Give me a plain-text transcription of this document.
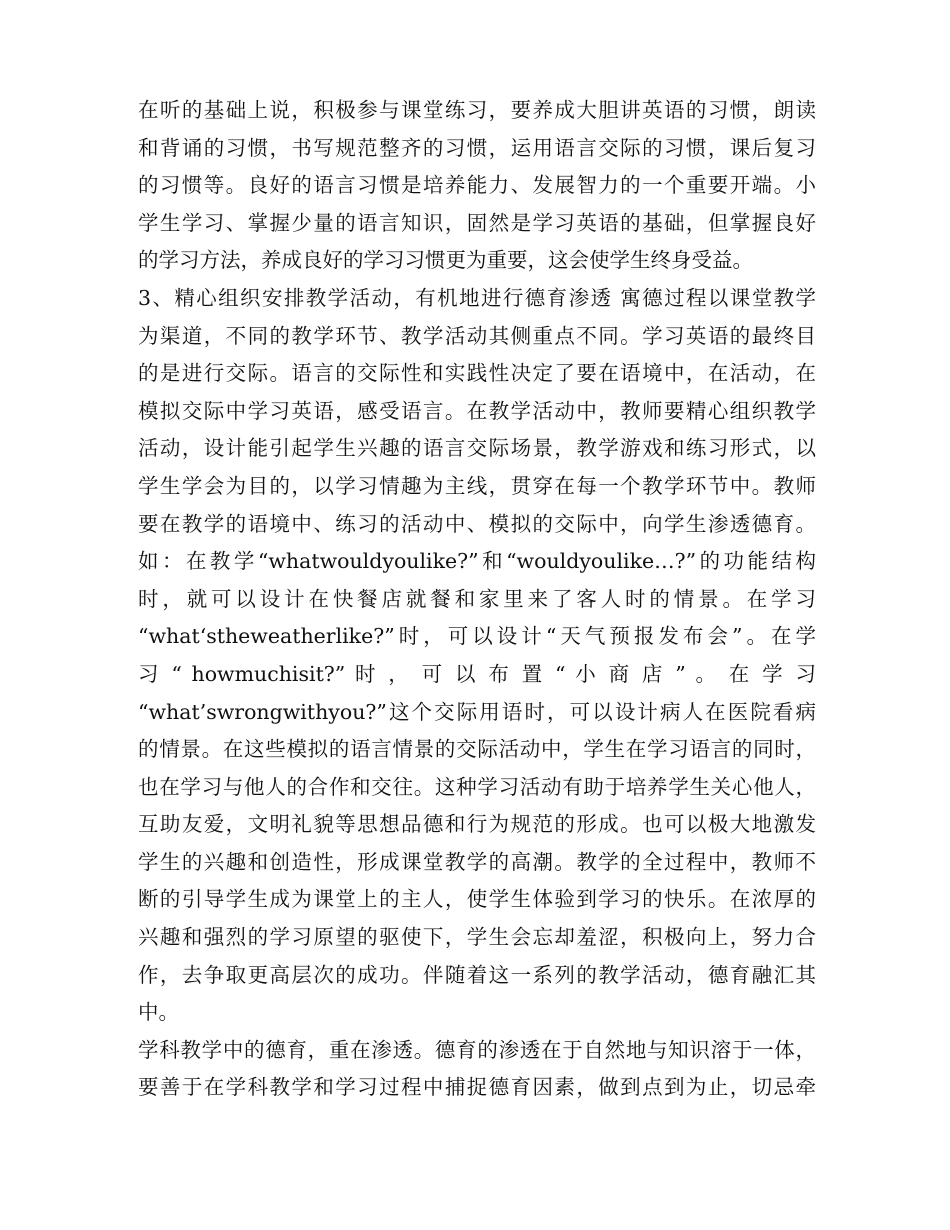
在听的基础上说，积极参与课堂练习，要养成大胆讲英语的习惯，朗读
和背诵的习惯，书写规范整齐的习惯，运用语言交际的习惯，课后复习
的习惯等。良好的语言习惯是培养能力、发展智力的一个重要开端。小
学生学习、掌握少量的语言知识，固然是学习英语的基础，但掌握良好
的学习方法，养成良好的学习习惯更为重要，这会使学生终身受益。
3、精心组织安排教学活动，有机地进行德育渗透 寓德过程以课堂教学
为渠道，不同的教学环节、教学活动其侧重点不同。学习英语的最终目
的是进行交际。语言的交际性和实践性决定了要在语境中，在活动，在
模拟交际中学习英语，感受语言。在教学活动中，教师要精心组织教学
活动，设计能引起学生兴趣的语言交际场景，教学游戏和练习形式，以
学生学会为目的，以学习情趣为主线，贯穿在每一个教学环节中。教师
要在教学的语境中、练习的活动中、模拟的交际中，向学生渗透德育。
如：在教学“whatwouldyoulike?”和“wouldyoulike…?”的功能结构
时，就可以设计在快餐店就餐和家里来了客人时的情景。在学习
“what‘stheweatherlike?”时，可以设计“天气预报发布会”。在学
习 “ howmuchisit?” 时 ， 可 以 布 置 “ 小 商 店 ” 。 在 学 习
“what’swrongwithyou?”这个交际用语时，可以设计病人在医院看病
的情景。在这些模拟的语言情景的交际活动中，学生在学习语言的同时，
也在学习与他人的合作和交往。这种学习活动有助于培养学生关心他人，
互助友爱，文明礼貌等思想品德和行为规范的形成。也可以极大地激发
学生的兴趣和创造性，形成课堂教学的高潮。教学的全过程中，教师不
断的引导学生成为课堂上的主人，使学生体验到学习的快乐。在浓厚的
兴趣和强烈的学习原望的驱使下，学生会忘却羞涩，积极向上，努力合
作，去争取更高层次的成功。伴随着这一系列的教学活动，德育融汇其
中。
学科教学中的德育，重在渗透。德育的渗透在于自然地与知识溶于一体，
要善于在学科教学和学习过程中捕捉德育因素，做到点到为止，切忌牵
